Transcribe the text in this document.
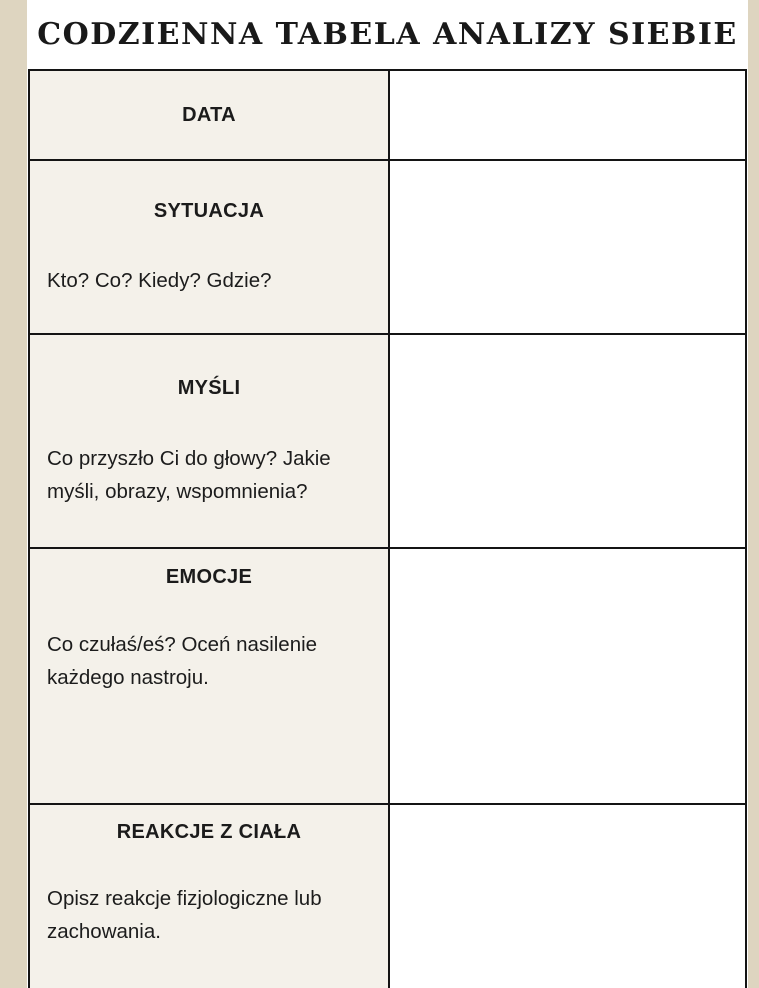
CODZIENNA TABELA ANALIZY SIEBIE
DATA
SYTUACJA
Kto? Co? Kiedy? Gdzie?
MYŚLI
Co przyszło Ci do głowy? Jakie myśli, obrazy, wspomnienia?
EMOCJE
Co czułaś/eś? Oceń nasilenie każdego nastroju.
REAKCJE Z CIAŁA
Opisz reakcje fizjologiczne lub zachowania.
